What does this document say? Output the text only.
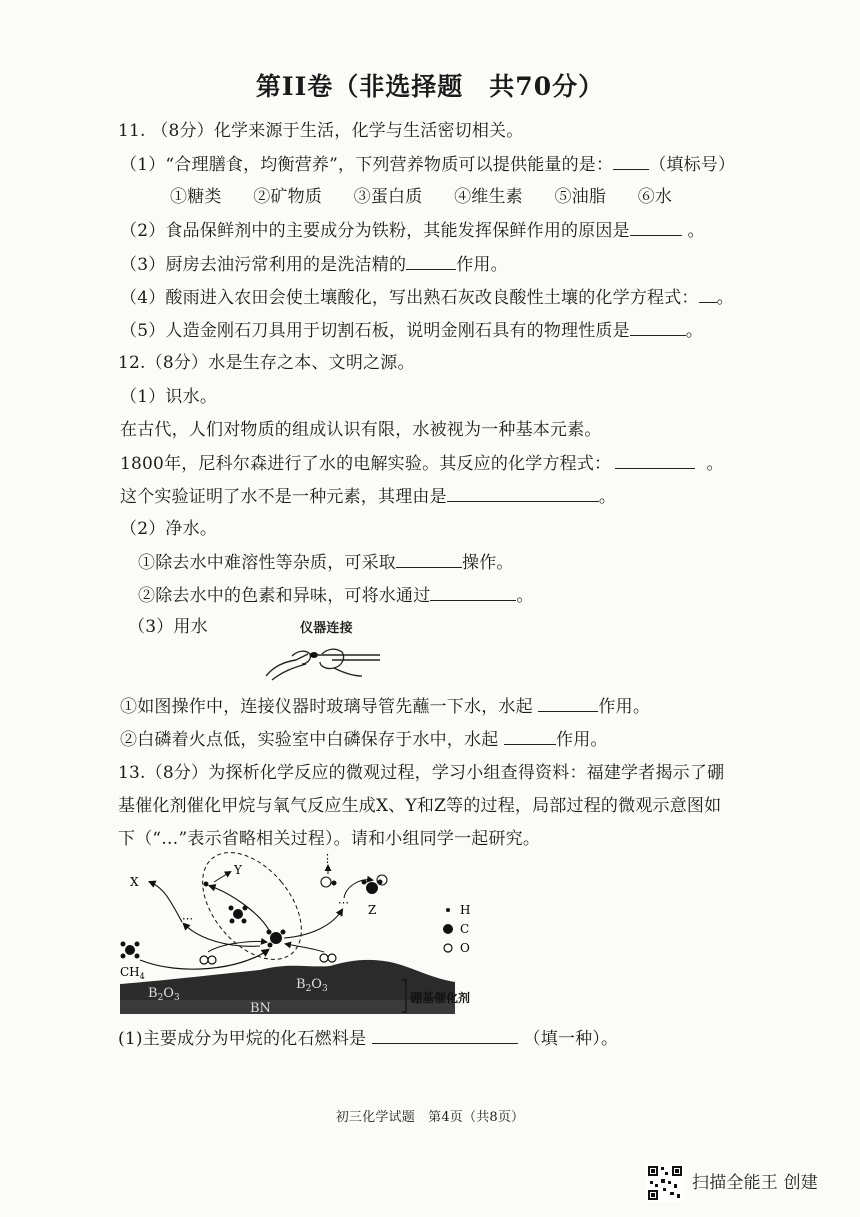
第II卷（非选择题　共70分）
11. （8分）化学来源于生活，化学与生活密切相关。
（1）“合理膳食，均衡营养”，下列营养物质可以提供能量的是： （填标号）
①糖类 ②矿物质 ③蛋白质 ④维生素 ⑤油脂 ⑥水
（2）食品保鲜剂中的主要成分为铁粉，其能发挥保鲜作用的原因是	。
（3）厨房去油污常利用的是洗洁精的	作用。
（4）酸雨进入农田会使土壤酸化，写出熟石灰改良酸性土壤的化学方程式： 。
（5）人造金刚石刀具用于切割石板，说明金刚石具有的物理性质是	。
12.（8分）水是生存之本、文明之源。
（1）识水。
在古代，人们对物质的组成认识有限，水被视为一种基本元素。
1800年，尼科尔森进行了水的电解实验。其反应的化学方程式：	。
这个实验证明了水不是一种元素，其理由是	。
（2）净水。
①除去水中难溶性等杂质，可采取	操作。
②除去水中的色素和异味，可将水通过	。
（3）用水	仪器连接
①如图操作中，连接仪器时玻璃导管先蘸一下水，水起	作用。
②白磷着火点低，实验室中白磷保存于水中，水起	作用。
13.（8分）为探析化学反应的微观过程，学习小组查得资料：福建学者揭示了硼
基催化剂催化甲烷与氧气反应生成X、Y和Z等的过程，局部过程的微观示意图如
下（“…”表示省略相关过程）。请和小组同学一起研究。
$B_2O_3$
$B_2O_3$
BN
硼基催化剂
$CH_4$
Y
⋯
X
⋯
Z
⋮
H
C
O
(1)主要成分为甲烷的化石燃料是	（填一种）。
初三化学试题　第4页（共8页）
扫描全能王 创建
